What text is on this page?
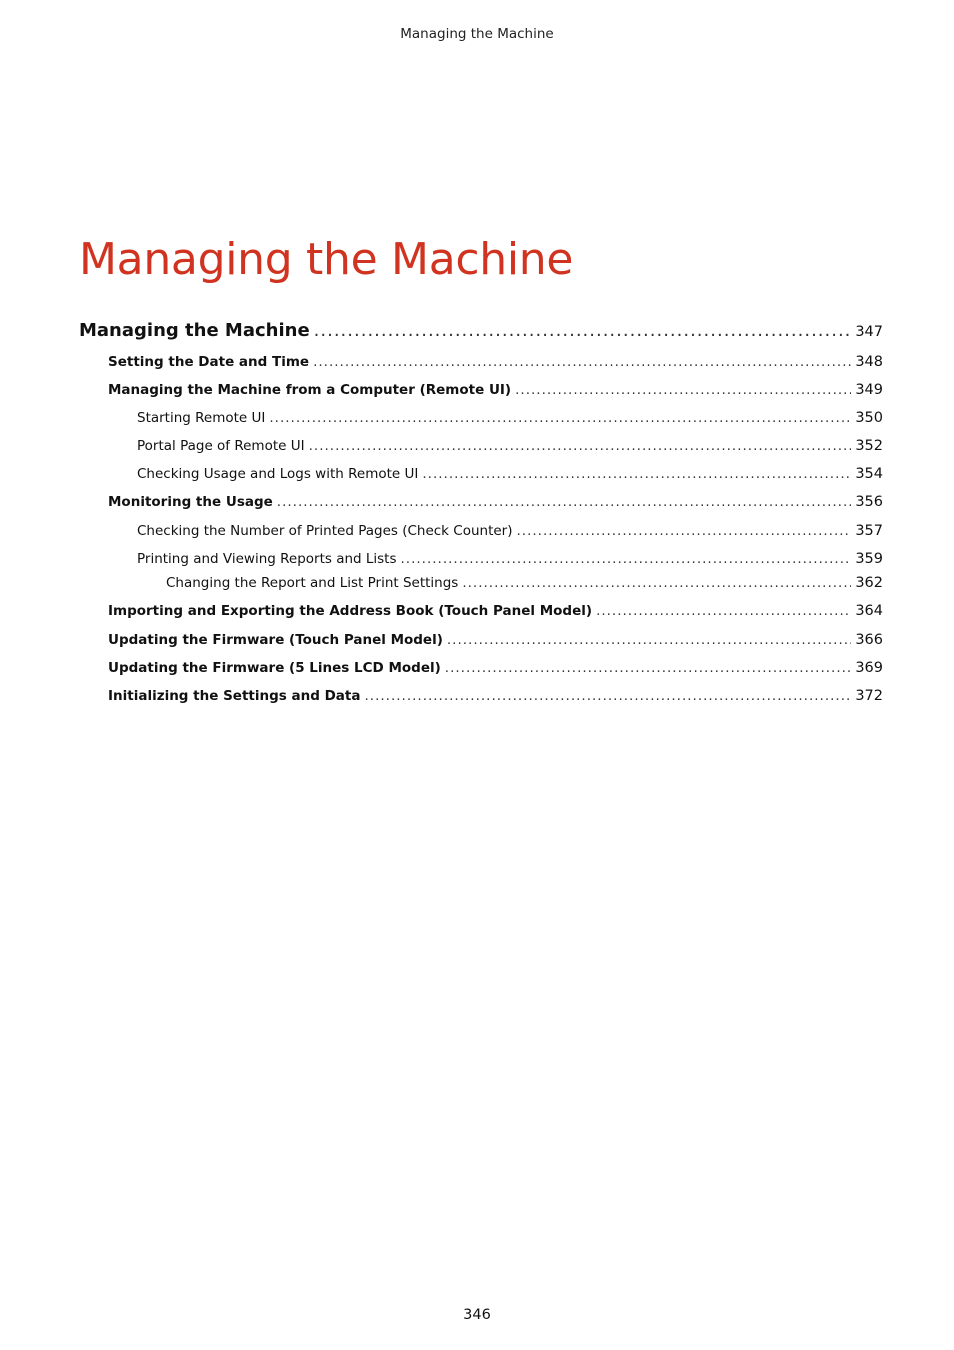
Managing the Machine
Managing the Machine
Managing the Machine .....	347
Setting the Date and Time .....	348
Managing the Machine from a Computer (Remote UI) .....	349
Starting Remote UI .....	350
Portal Page of Remote UI .....	352
Checking Usage and Logs with Remote UI .....	354
Monitoring the Usage .....	356
Checking the Number of Printed Pages (Check Counter) .....	357
Printing and Viewing Reports and Lists .....	359
Changing the Report and List Print Settings .....	362
Importing and Exporting the Address Book (Touch Panel Model) .....	364
Updating the Firmware (Touch Panel Model) .....	366
Updating the Firmware (5 Lines LCD Model) .....	369
Initializing the Settings and Data .....	372
346
